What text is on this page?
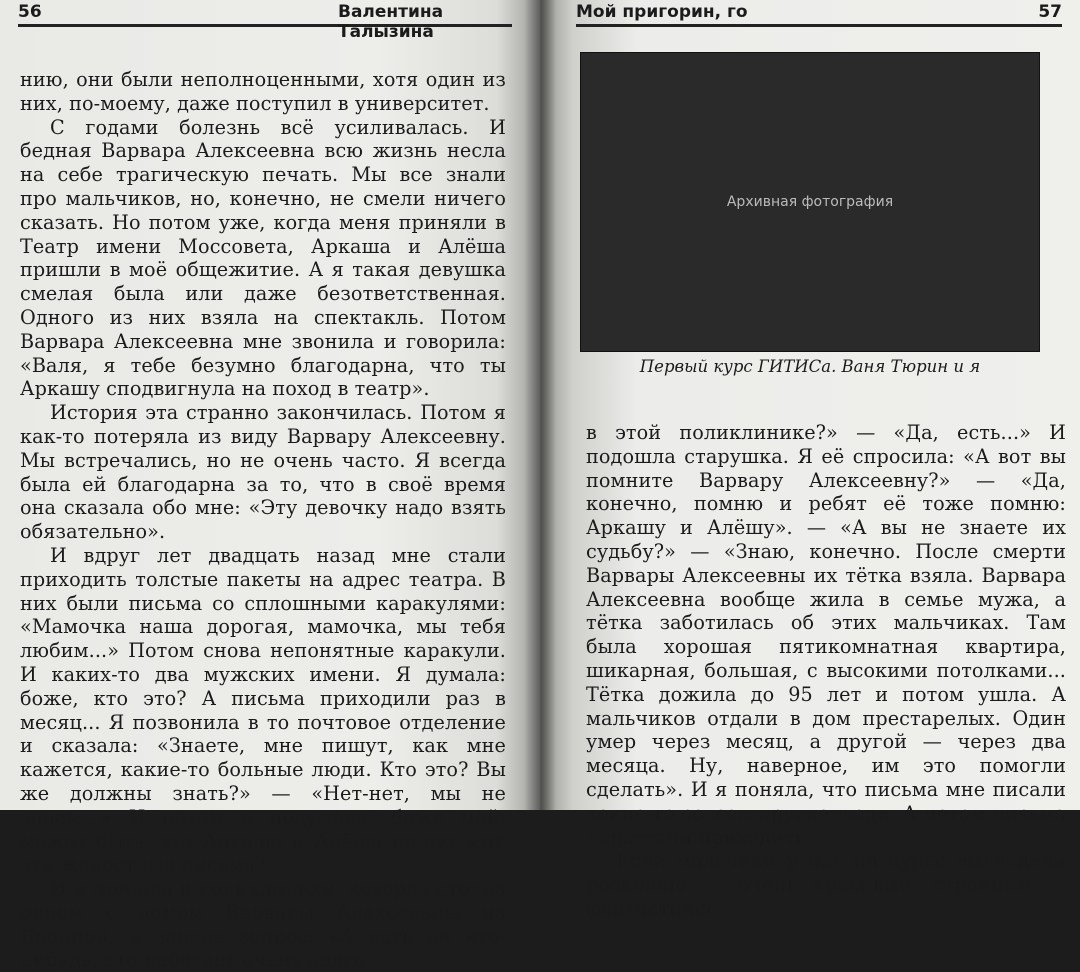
56	Валентина Талызина

нию, они были неполноценными, хотя один из них, по-моему, даже поступил в университет.

С годами болезнь всё усиливалась. И бедная Варвара Алексеевна всю жизнь несла на себе трагическую печать. Мы все знали про мальчиков, но, конечно, не смели ничего сказать. Но потом уже, когда меня приняли в Театр имени Моссовета, Аркаша и Алёша пришли в моё общежитие. А я такая девушка смелая была или даже безответственная. Одного из них взяла на спектакль. Потом Варвара Алексеевна мне звонила и говорила: «Валя, я тебе безумно благодарна, что ты Аркашу сподвигнула на поход в театр».

История эта странно закончилась. Потом я как-то потеряла из виду Варвару Алексеевну. Мы встречались, но не очень часто. Я всегда была ей благодарна за то, что в своё время она сказала обо мне: «Эту девочку надо взять обязательно».

И вдруг лет двадцать назад мне стали приходить толстые пакеты на адрес театра. В них были письма со сплошными каракулями: «Мамочка наша дорогая, мамочка, мы тебя любим...» Потом снова непонятные каракули. И каких-то два мужских имени. Я думала: боже, кто это? А письма приходили раз в месяц... Я позвонила в то почтовое отделение и сказала: «Знаете, мне пишут, как мне кажется, какие-то больные люди. Кто это? Вы же должны знать?» — «Нет-нет, мы не знаем...» И потом я подумала: боже мой, может быть, это Аркаша и Алёша пишут мне эти жалостные письма?

И я пришла в поликлинику, которая стояла рядом с домом Варвары Алексеевны на Бронной, и задала вопрос: «А есть ли кто-нибудь, кто работает очень долго

Мой пригорин, го	57
Архивная фотография
Первый курс ГИТИСа. Ваня Тюрин и я

в этой поликлинике?» — «Да, есть...» И подошла старушка. Я её спросила: «А вот вы помните Варвару Алексеевну?» — «Да, конечно, помню и ребят её тоже помню: Аркашу и Алёшу». — «А вы не знаете их судьбу?» — «Знаю, конечно. После смерти Варвары Алексеевны их тётка взяла. Варвара Алексеевна вообще жила в семье мужа, а тётка заботилась об этих мальчиках. Там была хорошая пятикомнатная квартира, шикарная, большая, с высокими потолками... Тётка дожила до 95 лет и потом ушла. А мальчиков отдали в дом престарелых. Один умер через месяц, а другой — через два месяца. Ну, наверное, им это помогли сделать». И я поняла, что письма мне писали какие-то совсем другие люди. А потом письма перестали приходить.

Если мальчики у нас на курсе выглядели роскошно — очень красивые, стройные — фантастичес-
